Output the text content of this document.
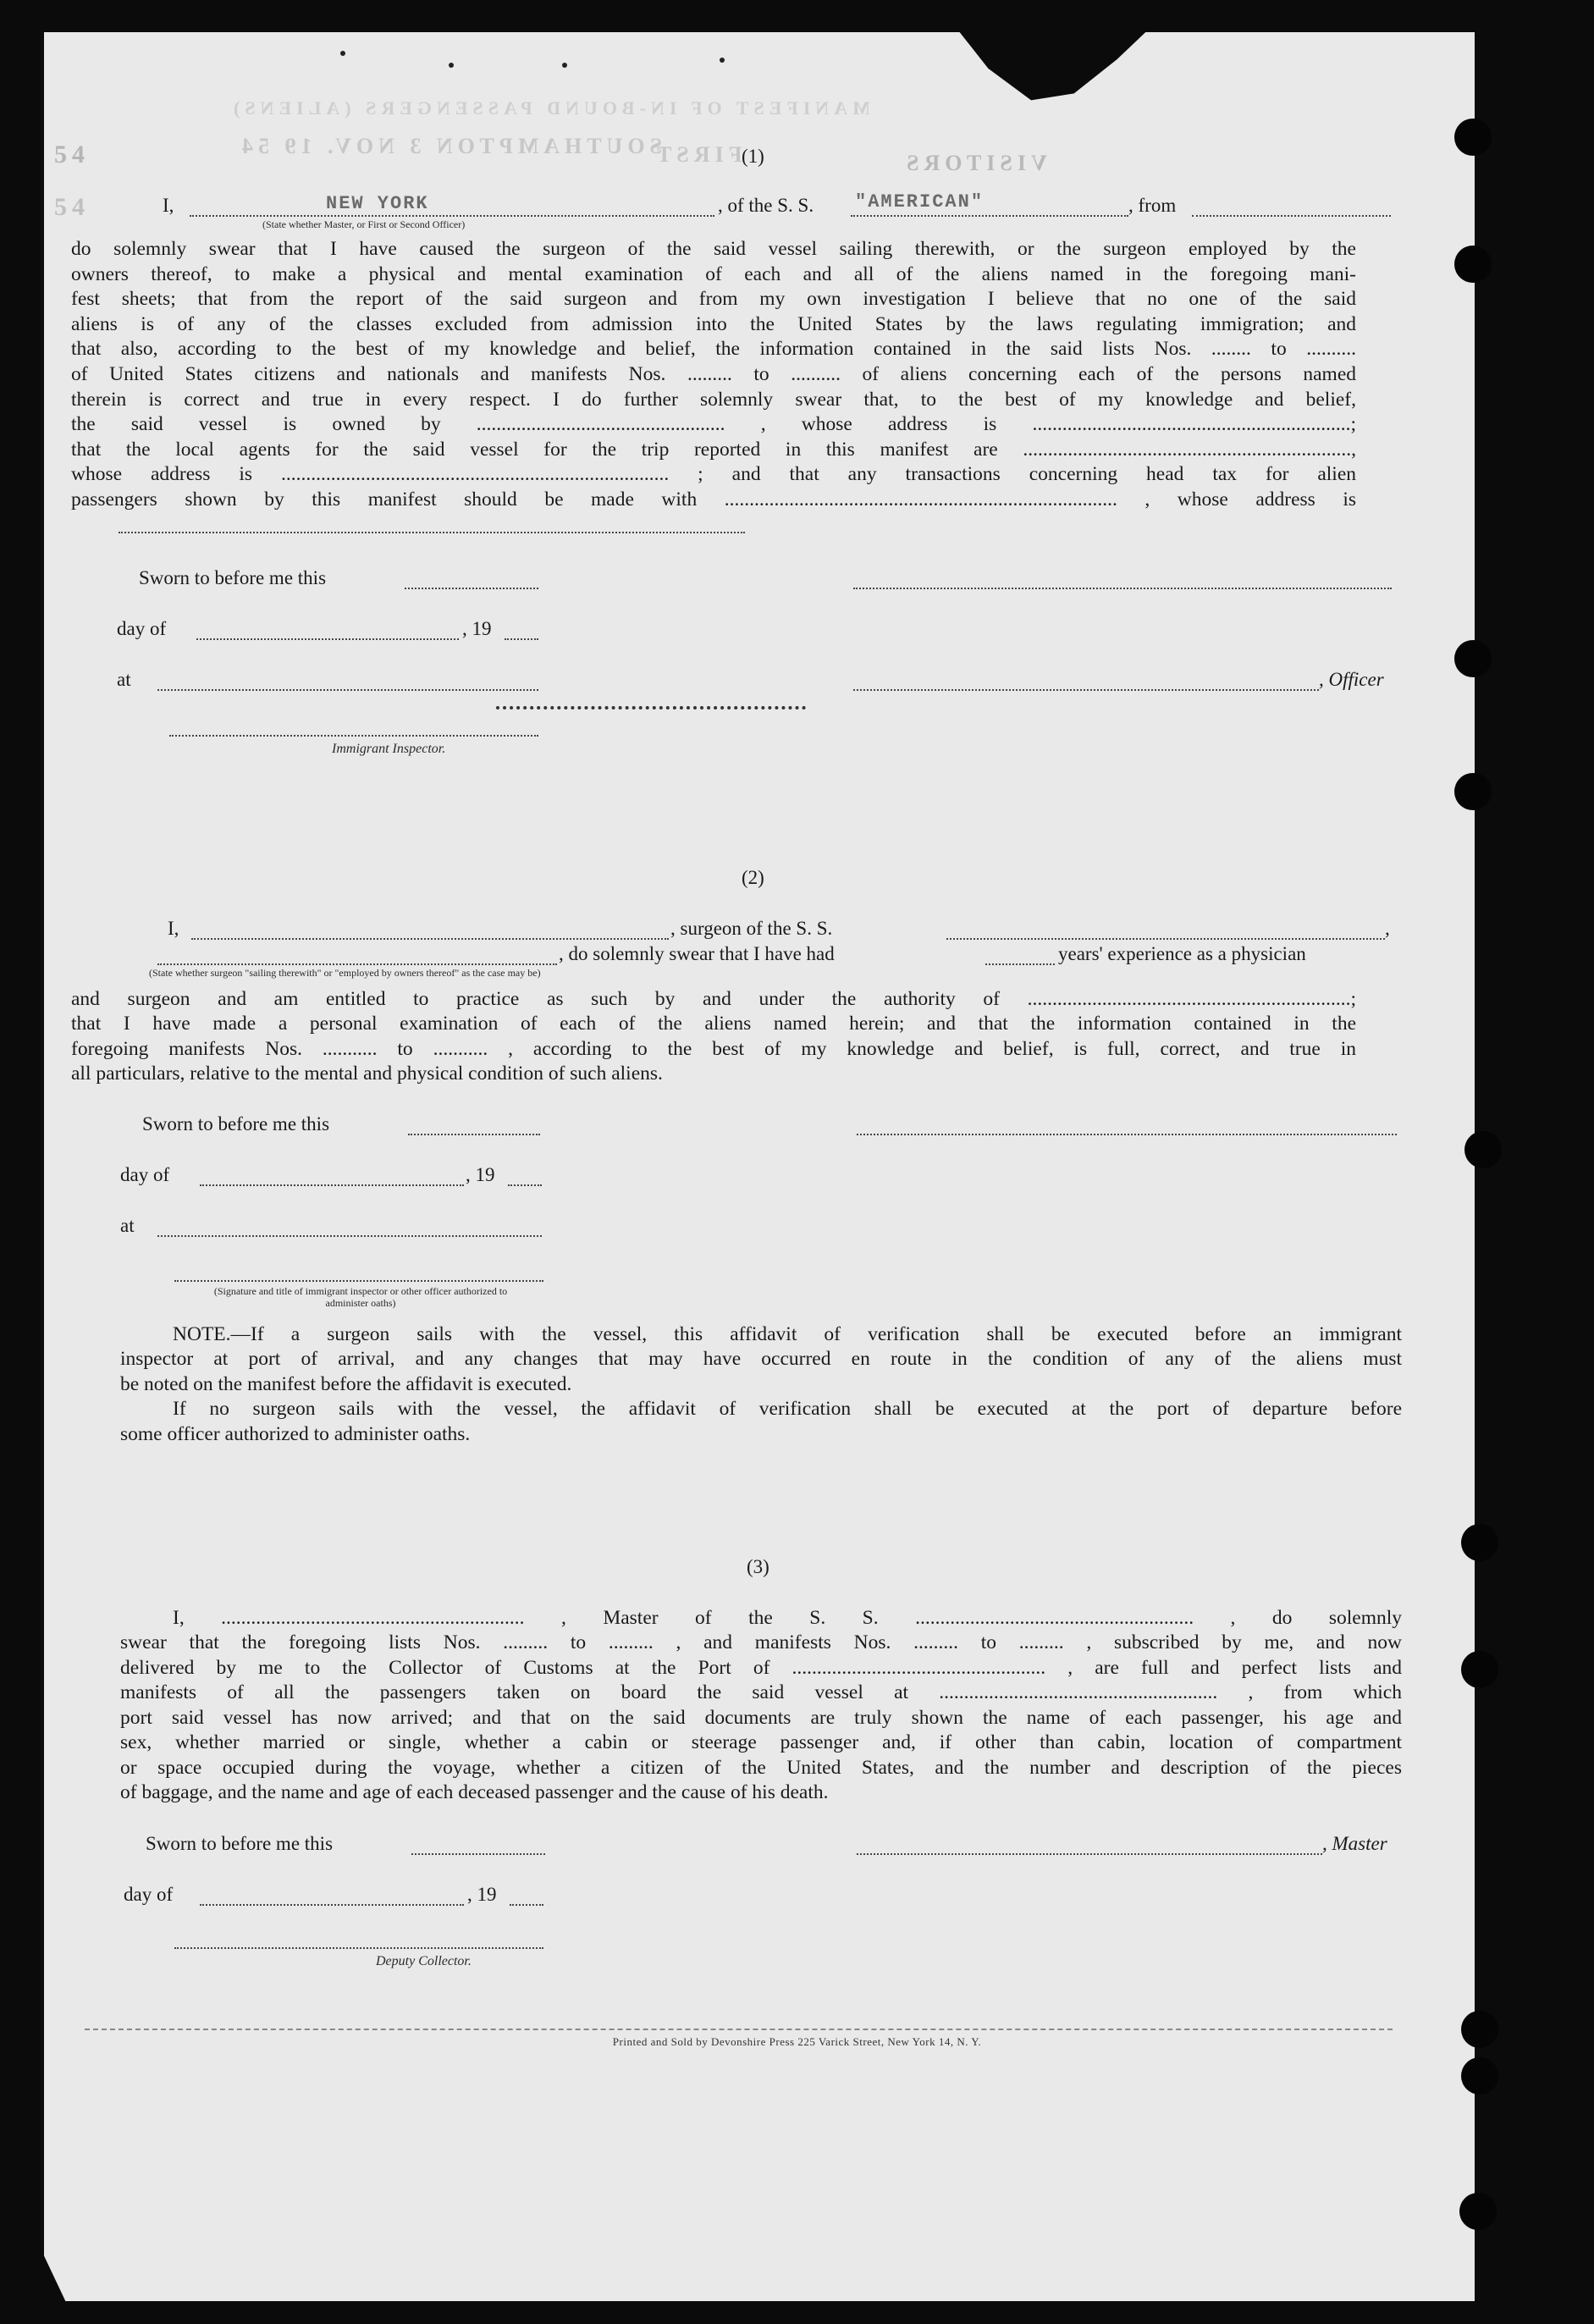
MANIFEST OF IN-BOUND PASSENGERS (ALIENS)
SOUTHAMPTON 3 NOV. 19 54
VISITORS
FIRST
54
54
(1)
I,	NEW YORK	, of the S. S. "AMERICAN"	, from
(State whether Master, or First or Second Officer)
do solemnly swear that I have caused the surgeon of the said vessel sailing therewith, or the surgeon employed by the
owners thereof, to make a physical and mental examination of each and all of the aliens named in the foregoing mani-
fest sheets; that from the report of the said surgeon and from my own investigation I believe that no one of the said
aliens is of any of the classes excluded from admission into the United States by the laws regulating immigration; and
that also, according to the best of my knowledge and belief, the information contained in the said lists Nos. ........ to ..........
of United States citizens and nationals and manifests Nos. ......... to .......... of aliens concerning each of the persons named
therein is correct and true in every respect. I do further solemnly swear that, to the best of my knowledge and belief,
the said vessel is owned by .................................................. , whose address is ................................................................;
that the local agents for the said vessel for the trip reported in this manifest are ..................................................................,
whose address is .............................................................................. ; and that any transactions concerning head tax for alien
passengers shown by this manifest should be made with ............................................................................... , whose address is
Sworn to before me this
day of	, 19
at	, Officer
Immigrant Inspector.
(2)
I,	, surgeon of the S. S.	,
, do solemnly swear that I have had	years' experience as a physician
(State whether surgeon "sailing therewith" or "employed by owners thereof" as the case may be)
and surgeon and am entitled to practice as such by and under the authority of .................................................................;
that I have made a personal examination of each of the aliens named herein; and that the information contained in the
foregoing manifests Nos. ........... to ........... , according to the best of my knowledge and belief, is full, correct, and true in
all particulars, relative to the mental and physical condition of such aliens.
Sworn to before me this
day of	, 19
at
(Signature and title of immigrant inspector or other officer authorized to administer oaths)
NOTE.—If a surgeon sails with the vessel, this affidavit of verification shall be executed before an immigrant
inspector at port of arrival, and any changes that may have occurred en route in the condition of any of the aliens must
be noted on the manifest before the affidavit is executed.
If no surgeon sails with the vessel, the affidavit of verification shall be executed at the port of departure before
some officer authorized to administer oaths.
(3)
I, ............................................................. , Master of the S. S. ........................................................ , do solemnly
swear that the foregoing lists Nos. ......... to ......... , and manifests Nos. ......... to ......... , subscribed by me, and now
delivered by me to the Collector of Customs at the Port of ................................................... , are full and perfect lists and
manifests of all the passengers taken on board the said vessel at ........................................................ , from which
port said vessel has now arrived; and that on the said documents are truly shown the name of each passenger, his age and
sex, whether married or single, whether a cabin or steerage passenger and, if other than cabin, location of compartment
or space occupied during the voyage, whether a citizen of the United States, and the number and description of the pieces
of baggage, and the name and age of each deceased passenger and the cause of his death.
Sworn to before me this	, Master
day of	, 19
Deputy Collector.
Printed and Sold by Devonshire Press 225 Varick Street, New York 14, N. Y.
